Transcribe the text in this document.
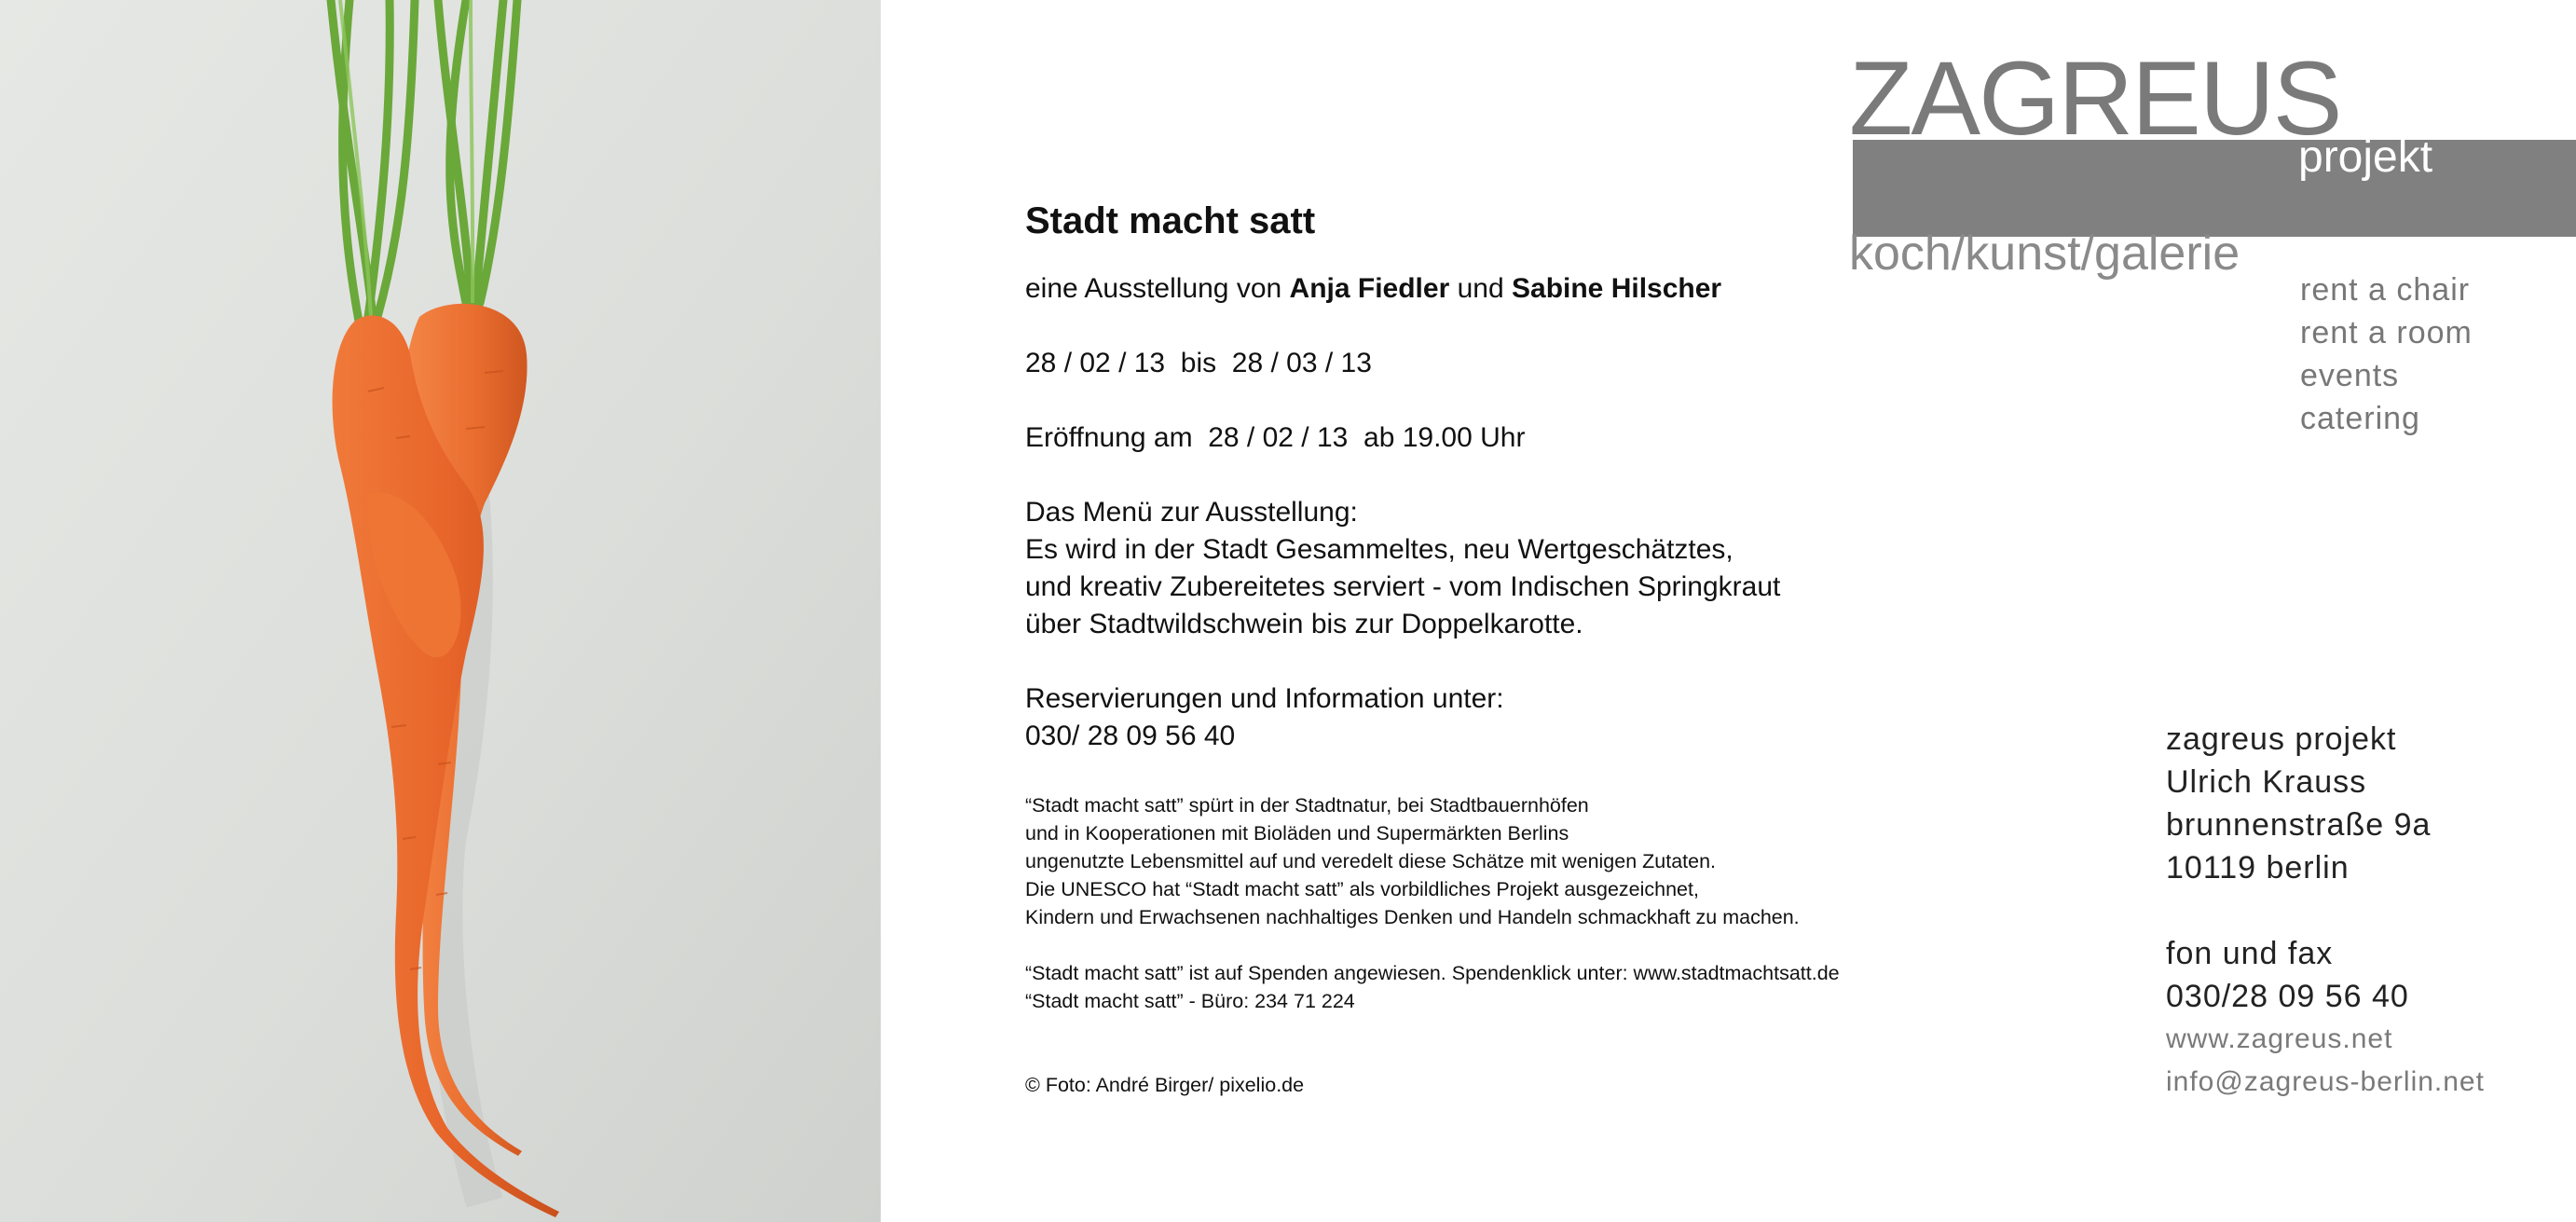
Stadt macht satt
eine Ausstellung von Anja Fiedler und Sabine Hilscher
28 / 02 / 13  bis  28 / 03 / 13
Eröffnung am  28 / 02 / 13  ab 19.00 Uhr
Das Menü zur Ausstellung:
Es wird in der Stadt Gesammeltes, neu Wertgeschätztes,
und kreativ Zubereitetes serviert - vom Indischen Springkraut
über Stadtwildschwein bis zur Doppelkarotte.
Reservierungen und Information unter:
030/ 28 09 56 40
“Stadt macht satt” spürt in der Stadtnatur, bei Stadtbauernhöfen
und in Kooperationen mit Bioläden und Supermärkten Berlins
ungenutzte Lebensmittel auf und veredelt diese Schätze mit wenigen Zutaten.
Die UNESCO hat “Stadt macht satt” als vorbildliches Projekt ausgezeichnet,
Kindern und Erwachsenen nachhaltiges Denken und Handeln schmackhaft zu machen.
“Stadt macht satt” ist auf Spenden angewiesen. Spendenklick unter: www.stadtmachtsatt.de
“Stadt macht satt” - Büro: 234 71 224
© Foto: André Birger/ pixelio.de
ZAGREUS
projekt
koch/kunst/galerie
rent a chair
rent a room
events
catering
zagreus projekt
Ulrich Krauss
brunnenstraße 9a
10119 berlin
fon und fax
030/28 09 56 40
www.zagreus.net
info@zagreus-berlin.net
